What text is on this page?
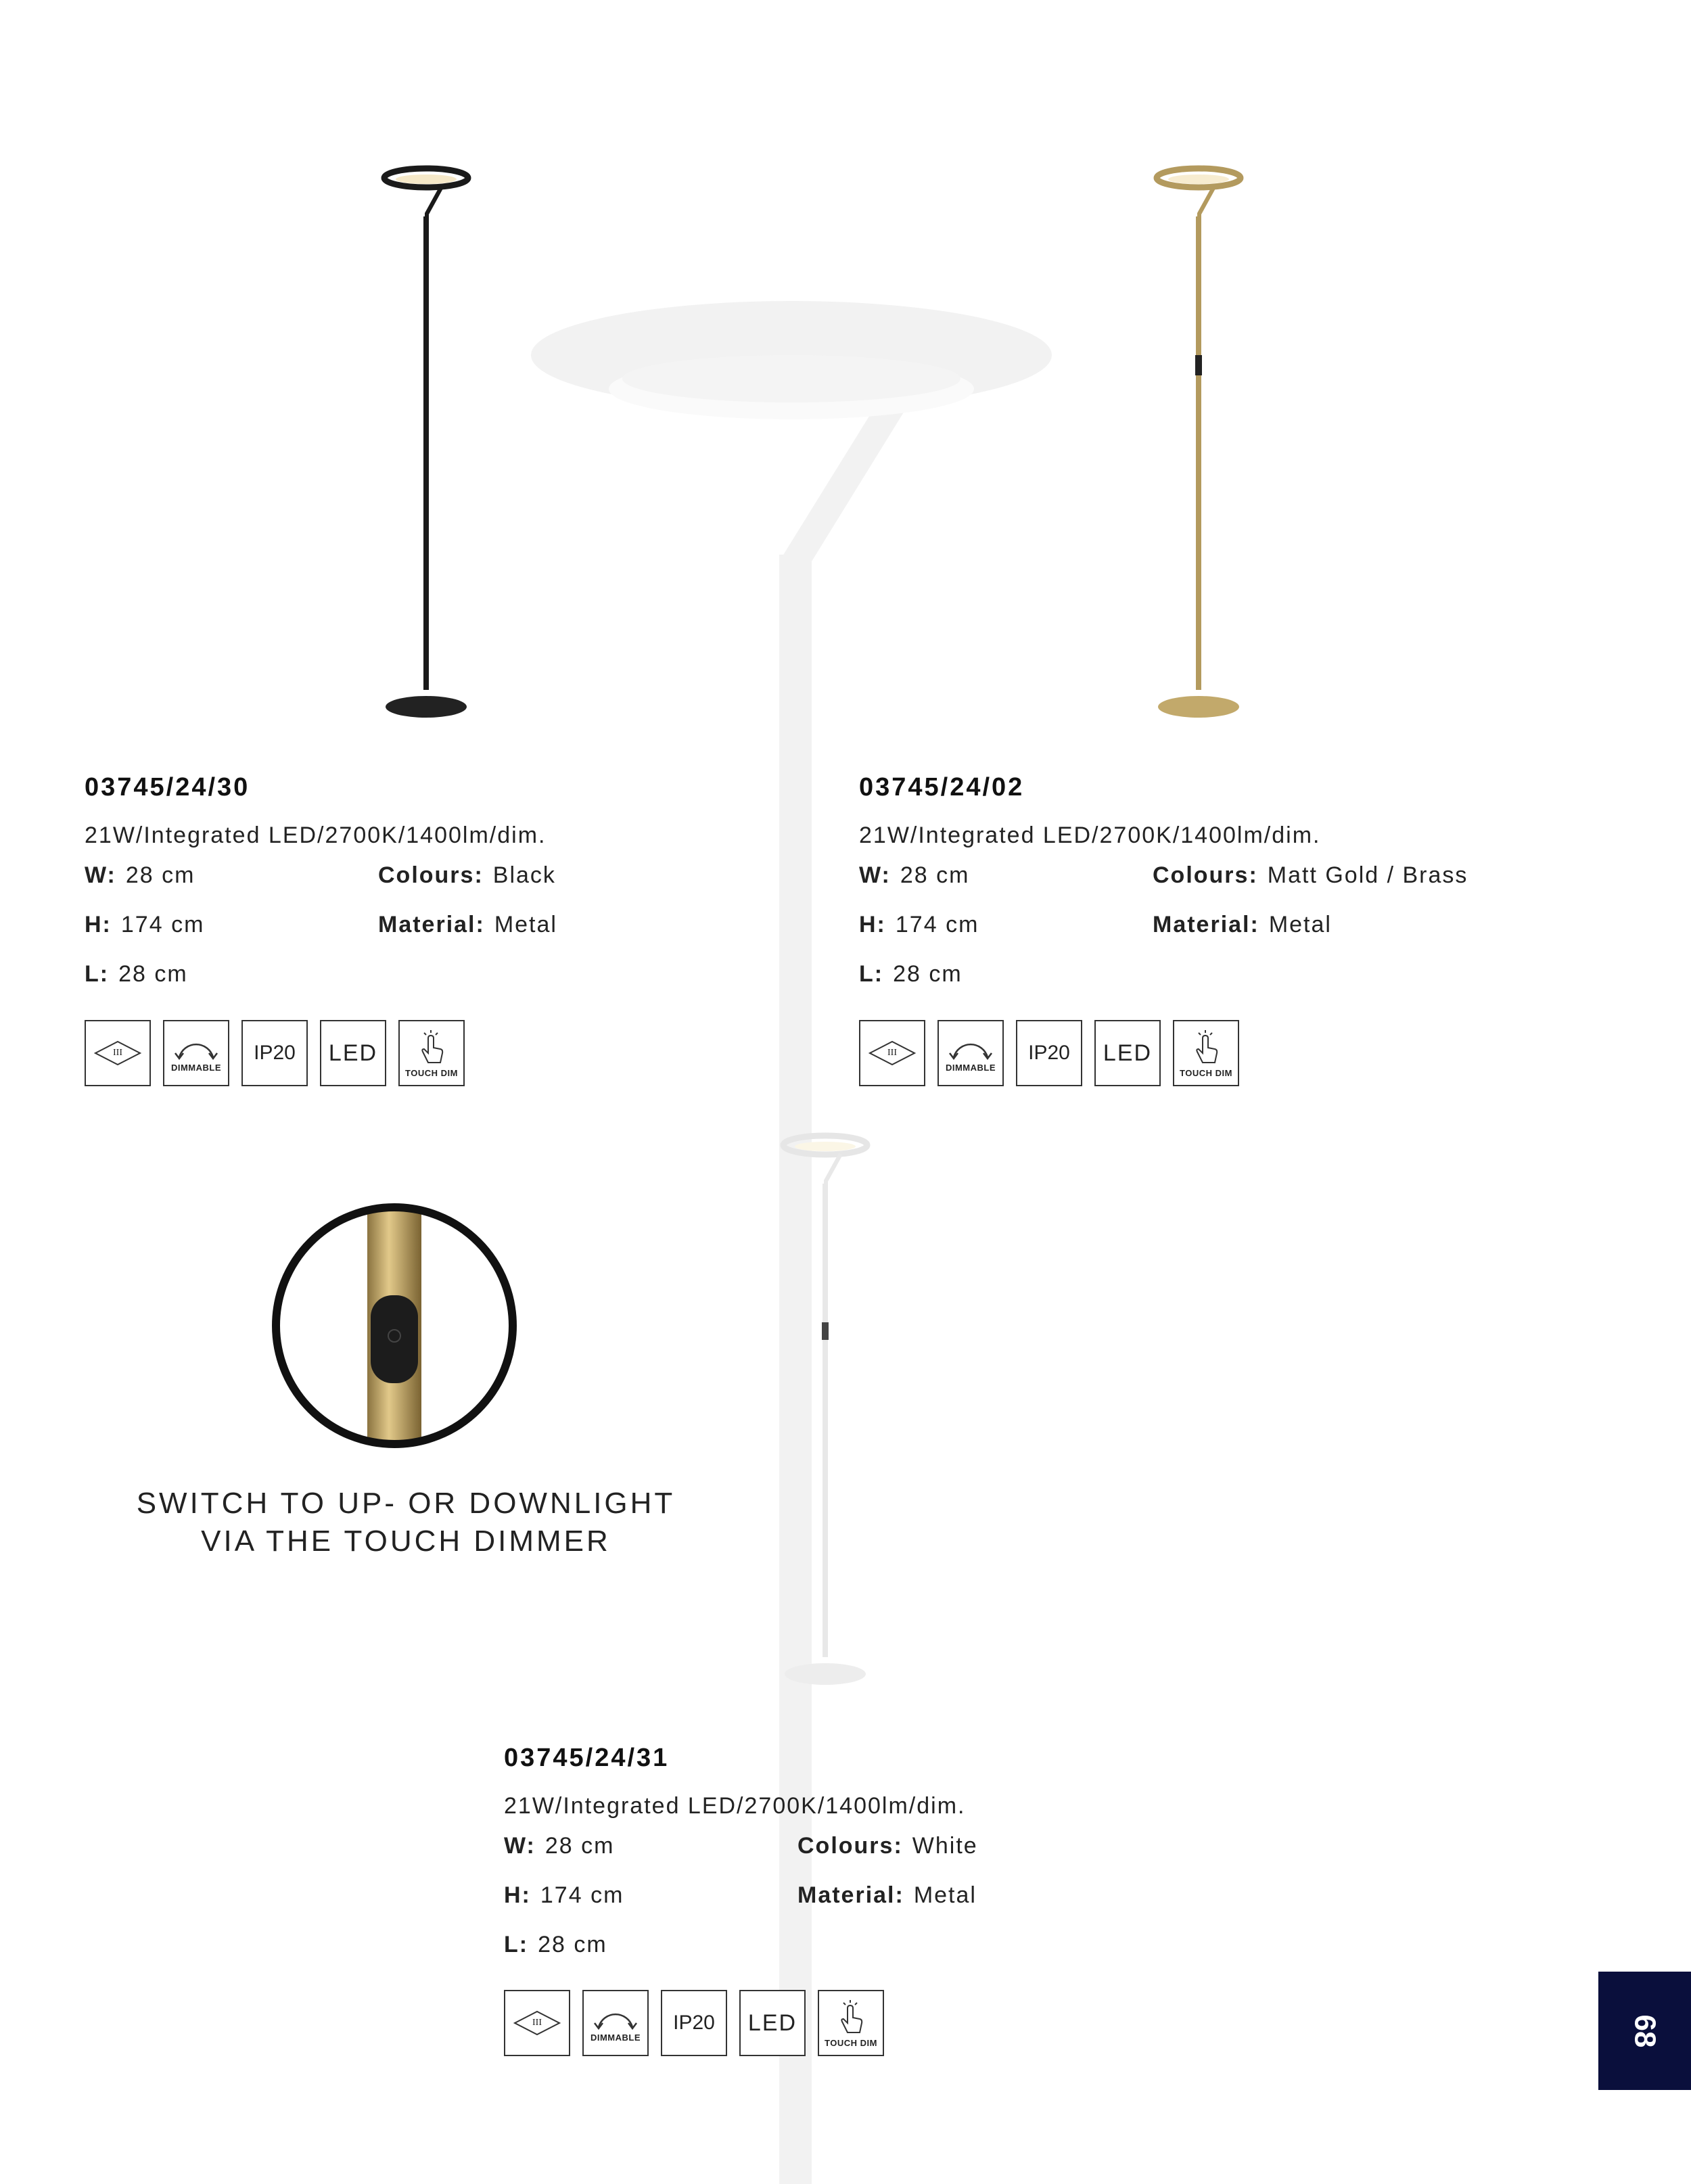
SWITCH TO UP- OR DOWNLIGHT
VIA THE TOUCH DIMMER
03745/24/30
21W/Integrated LED/2700K/1400lm/dim.
W: 28 cm
H: 174 cm
L: 28 cm
Colours: Black
Material: Metal
III
DIMMABLE
IP20 LED
TOUCH DIM
03745/24/02
21W/Integrated LED/2700K/1400lm/dim.
W: 28 cm
H: 174 cm
L: 28 cm
Colours: Matt Gold / Brass
Material: Metal
III
DIMMABLE
IP20 LED
TOUCH DIM
03745/24/31
21W/Integrated LED/2700K/1400lm/dim.
W: 28 cm
H: 174 cm
L: 28 cm
Colours: White
Material: Metal
III
DIMMABLE
IP20 LED
TOUCH DIM	68
